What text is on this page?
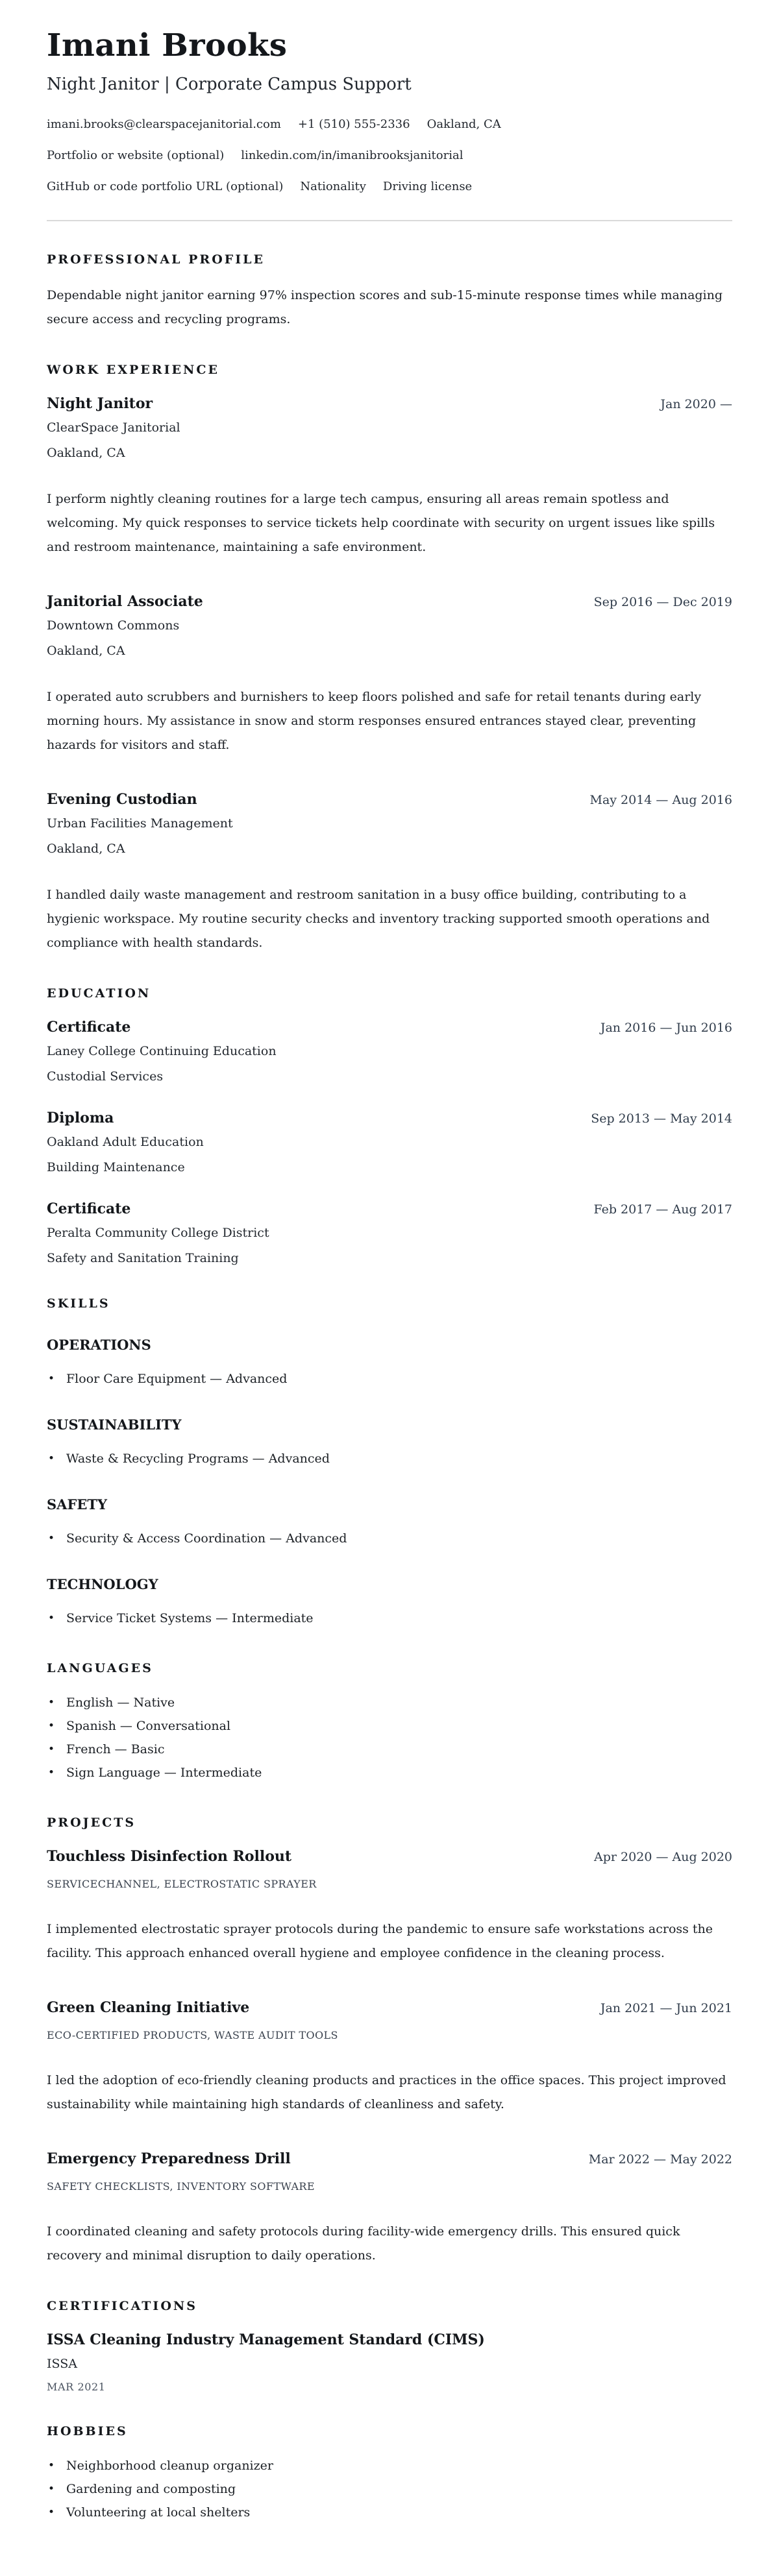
Imani Brooks
Night Janitor | Corporate Campus Support
imani.brooks@clearspacejanitorial.com +1 (510) 555-2336 Oakland, CA
Portfolio or website (optional) linkedin.com/in/imanibrooksjanitorial
GitHub or code portfolio URL (optional) Nationality Driving license
PROFESSIONAL PROFILE

Dependable night janitor earning 97% inspection scores and sub-15-minute response times while managing secure access and recycling programs.

WORK EXPERIENCE
Night Janitor	Jan 2020 —
ClearSpace Janitorial
Oakland, CA

I perform nightly cleaning routines for a large tech campus, ensuring all areas remain spotless and welcoming. My quick responses to service tickets help coordinate with security on urgent issues like spills and restroom maintenance, maintaining a safe environment.

Janitorial Associate	Sep 2016 — Dec 2019
Downtown Commons
Oakland, CA

I operated auto scrubbers and burnishers to keep floors polished and safe for retail tenants during early morning hours. My assistance in snow and storm responses ensured entrances stayed clear, preventing hazards for visitors and staff.

Evening Custodian	May 2014 — Aug 2016
Urban Facilities Management
Oakland, CA

I handled daily waste management and restroom sanitation in a busy office building, contributing to a hygienic workspace. My routine security checks and inventory tracking supported smooth operations and compliance with health standards.

EDUCATION
Certificate	Jan 2016 — Jun 2016
Laney College Continuing Education
Custodial Services
Diploma	Sep 2013 — May 2014
Oakland Adult Education
Building Maintenance
Certificate	Feb 2017 — Aug 2017
Peralta Community College District
Safety and Sanitation Training
SKILLS
OPERATIONS
• Floor Care Equipment — Advanced
SUSTAINABILITY
• Waste & Recycling Programs — Advanced
SAFETY
• Security & Access Coordination — Advanced
TECHNOLOGY
• Service Ticket Systems — Intermediate
LANGUAGES
• English — Native
• Spanish — Conversational
• French — Basic
• Sign Language — Intermediate
PROJECTS
Touchless Disinfection Rollout	Apr 2020 — Aug 2020
SERVICECHANNEL, ELECTROSTATIC SPRAYER

I implemented electrostatic sprayer protocols during the pandemic to ensure safe workstations across the facility. This approach enhanced overall hygiene and employee confidence in the cleaning process.

Green Cleaning Initiative	Jan 2021 — Jun 2021
ECO-CERTIFIED PRODUCTS, WASTE AUDIT TOOLS

I led the adoption of eco-friendly cleaning products and practices in the office spaces. This project improved sustainability while maintaining high standards of cleanliness and safety.

Emergency Preparedness Drill	Mar 2022 — May 2022
SAFETY CHECKLISTS, INVENTORY SOFTWARE

I coordinated cleaning and safety protocols during facility-wide emergency drills. This ensured quick recovery and minimal disruption to daily operations.

CERTIFICATIONS
ISSA Cleaning Industry Management Standard (CIMS)
ISSA
MAR 2021
HOBBIES
• Neighborhood cleanup organizer
• Gardening and composting
• Volunteering at local shelters
